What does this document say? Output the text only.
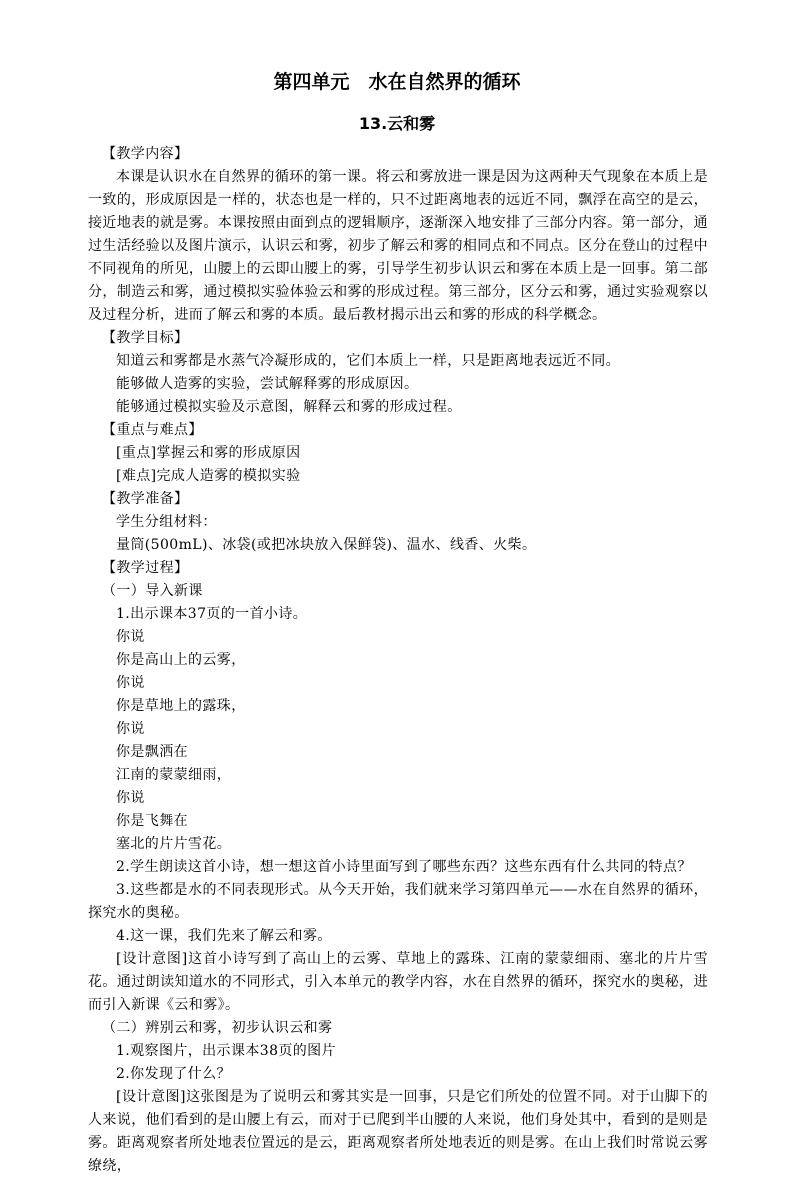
第四单元　水在自然界的循环
13.云和雾

【教学内容】

本课是认识水在自然界的循环的第一课。将云和雾放进一课是因为这两种天气现象在本质上是一致的，形成原因是一样的，状态也是一样的，只不过距离地表的远近不同，飘浮在高空的是云，接近地表的就是雾。本课按照由面到点的逻辑顺序，逐渐深入地安排了三部分内容。第一部分，通过生活经验以及图片演示，认识云和雾，初步了解云和雾的相同点和不同点。区分在登山的过程中不同视角的所见，山腰上的云即山腰上的雾，引导学生初步认识云和雾在本质上是一回事。第二部分，制造云和雾，通过模拟实验体验云和雾的形成过程。第三部分，区分云和雾，通过实验观察以及过程分析，进而了解云和雾的本质。最后教材揭示出云和雾的形成的科学概念。

【教学目标】

知道云和雾都是水蒸气冷凝形成的，它们本质上一样，只是距离地表远近不同。

能够做人造雾的实验，尝试解释雾的形成原因。

能够通过模拟实验及示意图，解释云和雾的形成过程。

【重点与难点】

[重点]掌握云和雾的形成原因

[难点]完成人造雾的模拟实验

【教学准备】

学生分组材料：

量筒(500mL)、冰袋(或把冰块放入保鲜袋)、温水、线香、火柴。

【教学过程】

（一）导入新课

1.出示课本37页的一首小诗。

你说

你是高山上的云雾，

你说

你是草地上的露珠，

你说

你是飘洒在

江南的蒙蒙细雨，

你说

你是飞舞在

塞北的片片雪花。

2.学生朗读这首小诗，想一想这首小诗里面写到了哪些东西？这些东西有什么共同的特点？

3.这些都是水的不同表现形式。从今天开始，我们就来学习第四单元——水在自然界的循环，探究水的奥秘。

4.这一课，我们先来了解云和雾。

[设计意图]这首小诗写到了高山上的云雾、草地上的露珠、江南的蒙蒙细雨、塞北的片片雪花。通过朗读知道水的不同形式，引入本单元的教学内容，水在自然界的循环，探究水的奥秘，进而引入新课《云和雾》。

（二）辨别云和雾，初步认识云和雾

1.观察图片，出示课本38页的图片

2.你发现了什么？

[设计意图]这张图是为了说明云和雾其实是一回事，只是它们所处的位置不同。对于山脚下的人来说，他们看到的是山腰上有云，而对于已爬到半山腰的人来说，他们身处其中，看到的是则是雾。距离观察者所处地表位置远的是云，距离观察者所处地表近的则是雾。在山上我们时常说云雾缭绕，
